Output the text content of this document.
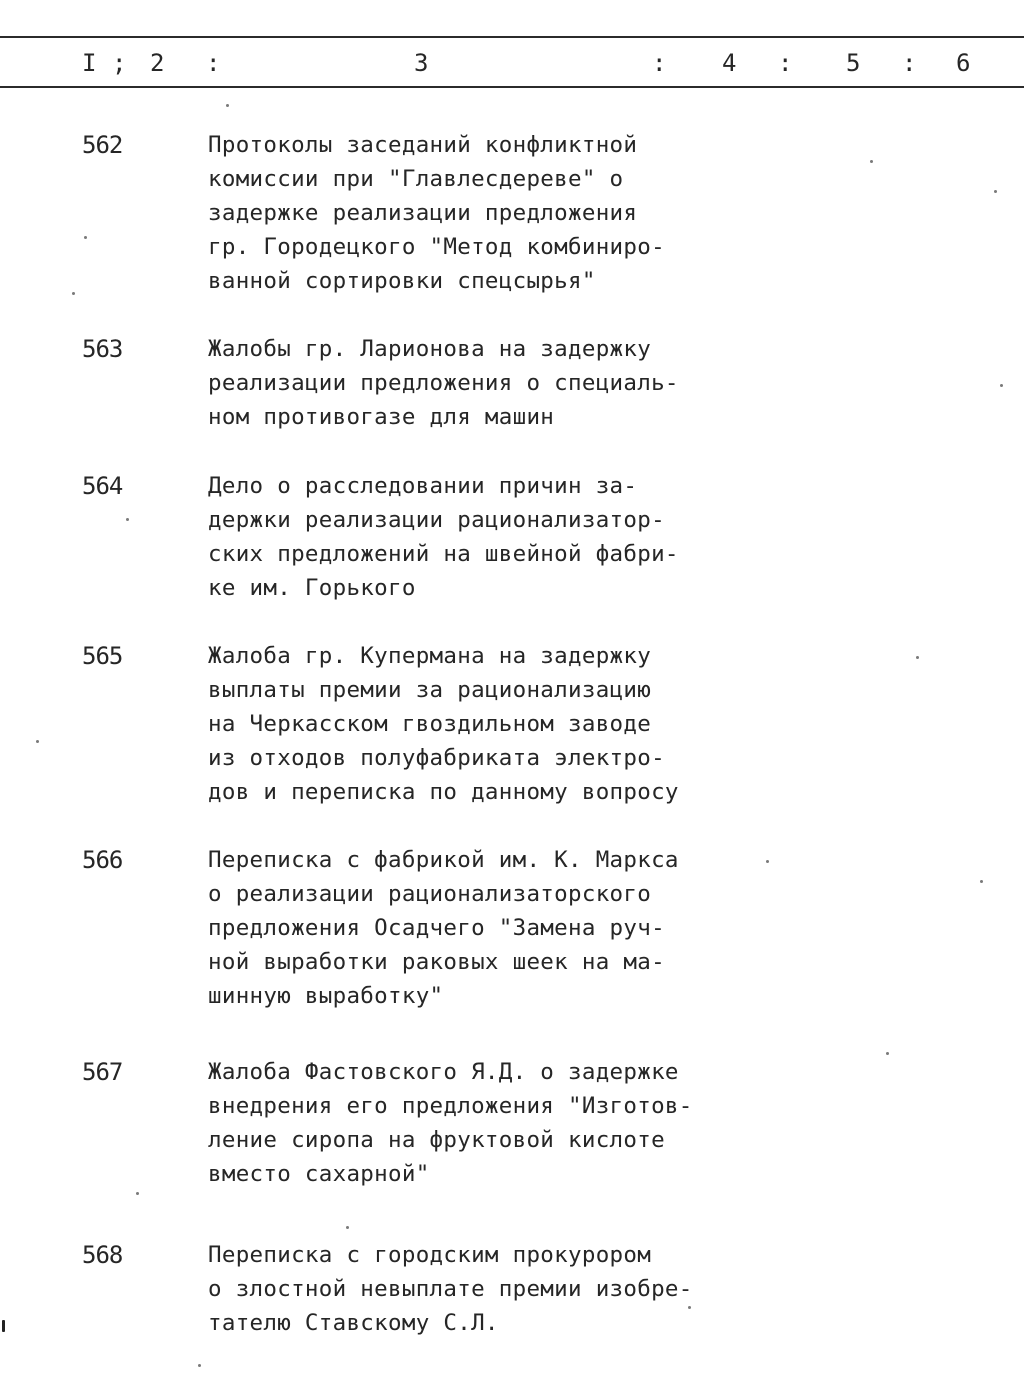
I ; 2 :	3	: 4 : 5 : 6
562	Протоколы заседаний конфликтной
комиссии при "Главлесдереве" о
задержке реализации предложения
гр. Городецкого "Метод комбиниро-
ванной сортировки спецсырья"
563	Жалобы гр. Ларионова на задержку
реализации предложения о специаль-
ном противогазе для машин
564	Дело о расследовании причин за-
держки реализации рационализатор-
ских предложений на швейной фабри-
ке им. Горького
565	Жалоба гр. Купермана на задержку
выплаты премии за рационализацию
на Черкасском гвоздильном заводе
из отходов полуфабриката электро-
дов и переписка по данному вопросу
566	Переписка с фабрикой им. К. Маркса
о реализации рационализаторского
предложения Осадчего "Замена руч-
ной выработки раковых шеек на ма-
шинную выработку"
567	Жалоба Фастовского Я.Д. о задержке
внедрения его предложения "Изготов-
ление сиропа на фруктовой кислоте
вместо сахарной"
568	Переписка с городским прокурором
о злостной невыплате премии изобре-
тателю Ставскому С.Л.
